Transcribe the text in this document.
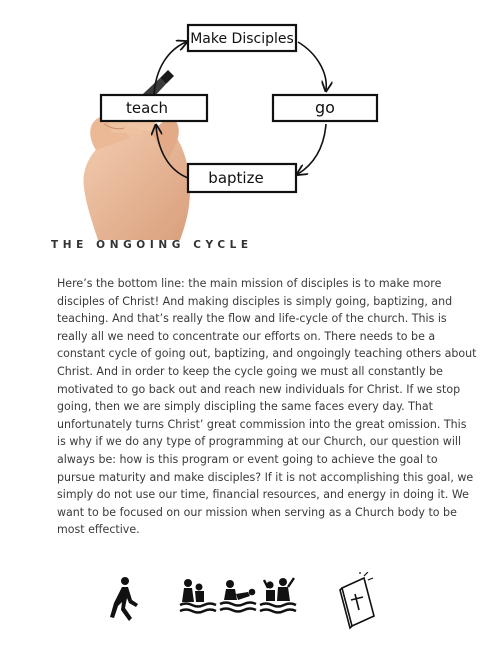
Make Disciples
teach	go
baptize
THE ONGOING CYCLE

Here’s the bottom line: the main mission of disciples is to make more disciples of Christ! And making disciples is simply going, baptizing, and teaching. And that’s really the flow and life-cycle of the church. This is really all we need to concentrate our efforts on. There needs to be a constant cycle of going out, baptizing, and ongoingly teaching others about Christ. And in order to keep the cycle going we must all constantly be motivated to go back out and reach new individuals for Christ. If we stop going, then we are simply discipling the same faces every day. That unfortunately turns Christ’ great commission into the great omission. This is why if we do any type of programming at our Church, our question will always be: how is this program or event going to achieve the goal to pursue maturity and make disciples? If it is not accomplishing this goal, we simply do not use our time, financial resources, and energy in doing it. We want to be focused on our mission when serving as a Church body to be most effective.
